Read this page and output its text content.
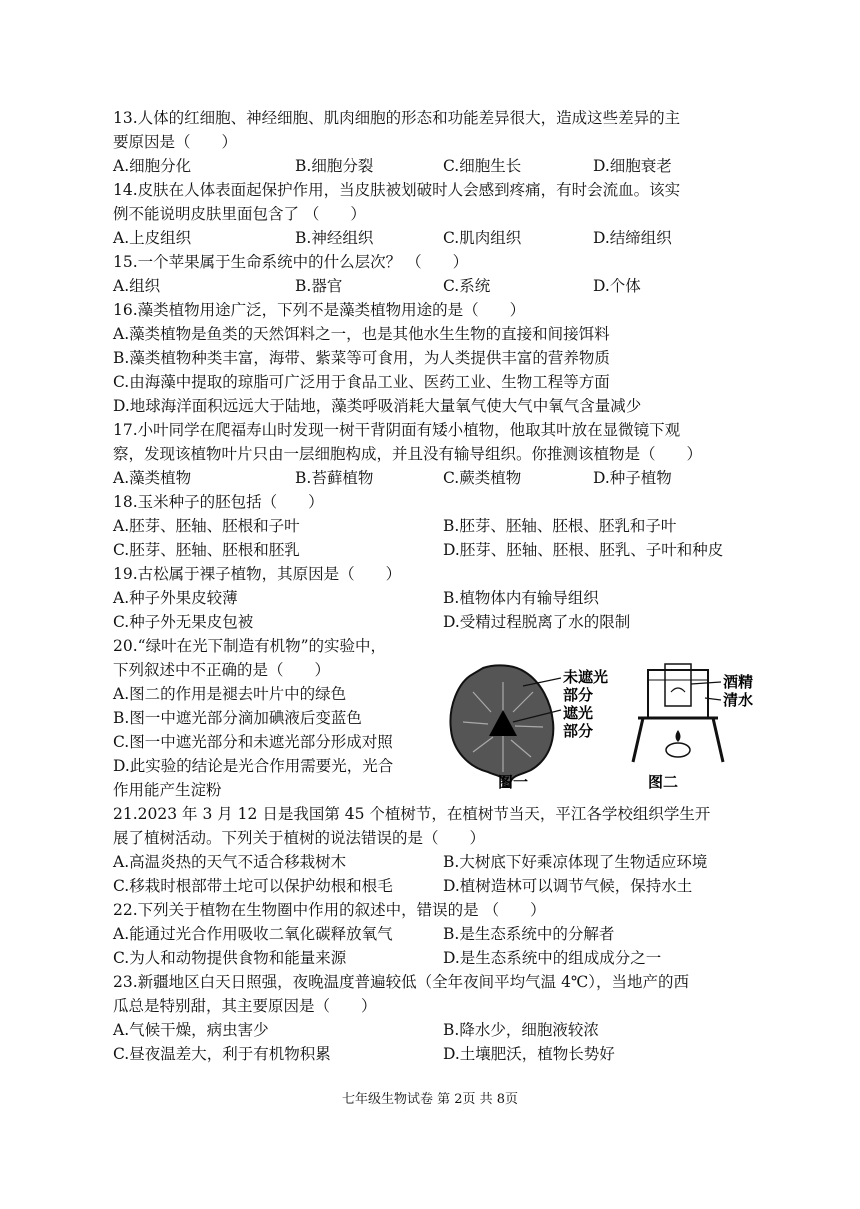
13.人体的红细胞、神经细胞、肌肉细胞的形态和功能差异很大，造成这些差异的主
要原因是（　　）
A.细胞分化	B.细胞分裂	C.细胞生长	D.细胞衰老
14.皮肤在人体表面起保护作用，当皮肤被划破时人会感到疼痛，有时会流血。该实
例不能说明皮肤里面包含了 （　　）
A.上皮组织	B.神经组织	C.肌肉组织	D.结缔组织
15.一个苹果属于生命系统中的什么层次？ （　　）
A.组织	B.器官	C.系统	D.个体
16.藻类植物用途广泛，下列不是藻类植物用途的是（　　）
A.藻类植物是鱼类的天然饵料之一，也是其他水生生物的直接和间接饵料
B.藻类植物种类丰富，海带、紫菜等可食用，为人类提供丰富的营养物质
C.由海藻中提取的琼脂可广泛用于食品工业、医药工业、生物工程等方面
D.地球海洋面积远远大于陆地，藻类呼吸消耗大量氧气使大气中氧气含量减少
17.小叶同学在爬福寿山时发现一树干背阴面有矮小植物，他取其叶放在显微镜下观
察，发现该植物叶片只由一层细胞构成，并且没有输导组织。你推测该植物是（　　）
A.藻类植物	B.苔藓植物	C.蕨类植物	D.种子植物
18.玉米种子的胚包括（　　）
A.胚芽、胚轴、胚根和子叶	B.胚芽、胚轴、胚根、胚乳和子叶
C.胚芽、胚轴、胚根和胚乳	D.胚芽、胚轴、胚根、胚乳、子叶和种皮
19.古松属于裸子植物，其原因是（　　）
A.种子外果皮较薄	B.植物体内有输导组织
C.种子外无果皮包被	D.受精过程脱离了水的限制
20.“绿叶在光下制造有机物”的实验中，
下列叙述中不正确的是（　　）
A.图二的作用是褪去叶片中的绿色
B.图一中遮光部分滴加碘液后变蓝色
C.图一中遮光部分和未遮光部分形成对照
D.此实验的结论是光合作用需要光，光合
作用能产生淀粉
未遮光
部分
遮光
部分
图一
酒精
清水
图二
21.2023 年 3 月 12 日是我国第 45 个植树节，在植树节当天，平江各学校组织学生开
展了植树活动。下列关于植树的说法错误的是（　　）
A.高温炎热的天气不适合移栽树木	B.大树底下好乘凉体现了生物适应环境
C.移栽时根部带土坨可以保护幼根和根毛	D.植树造林可以调节气候，保持水土
22.下列关于植物在生物圈中作用的叙述中，错误的是 （　　）
A.能通过光合作用吸收二氧化碳释放氧气	B.是生态系统中的分解者
C.为人和动物提供食物和能量来源	D.是生态系统中的组成成分之一
23.新疆地区白天日照强，夜晚温度普遍较低（全年夜间平均气温 4℃），当地产的西
瓜总是特别甜，其主要原因是（　　）
A.气候干燥，病虫害少	B.降水少，细胞液较浓
C.昼夜温差大，利于有机物积累	D.土壤肥沃，植物长势好
七年级生物试卷 第 2页 共 8页
